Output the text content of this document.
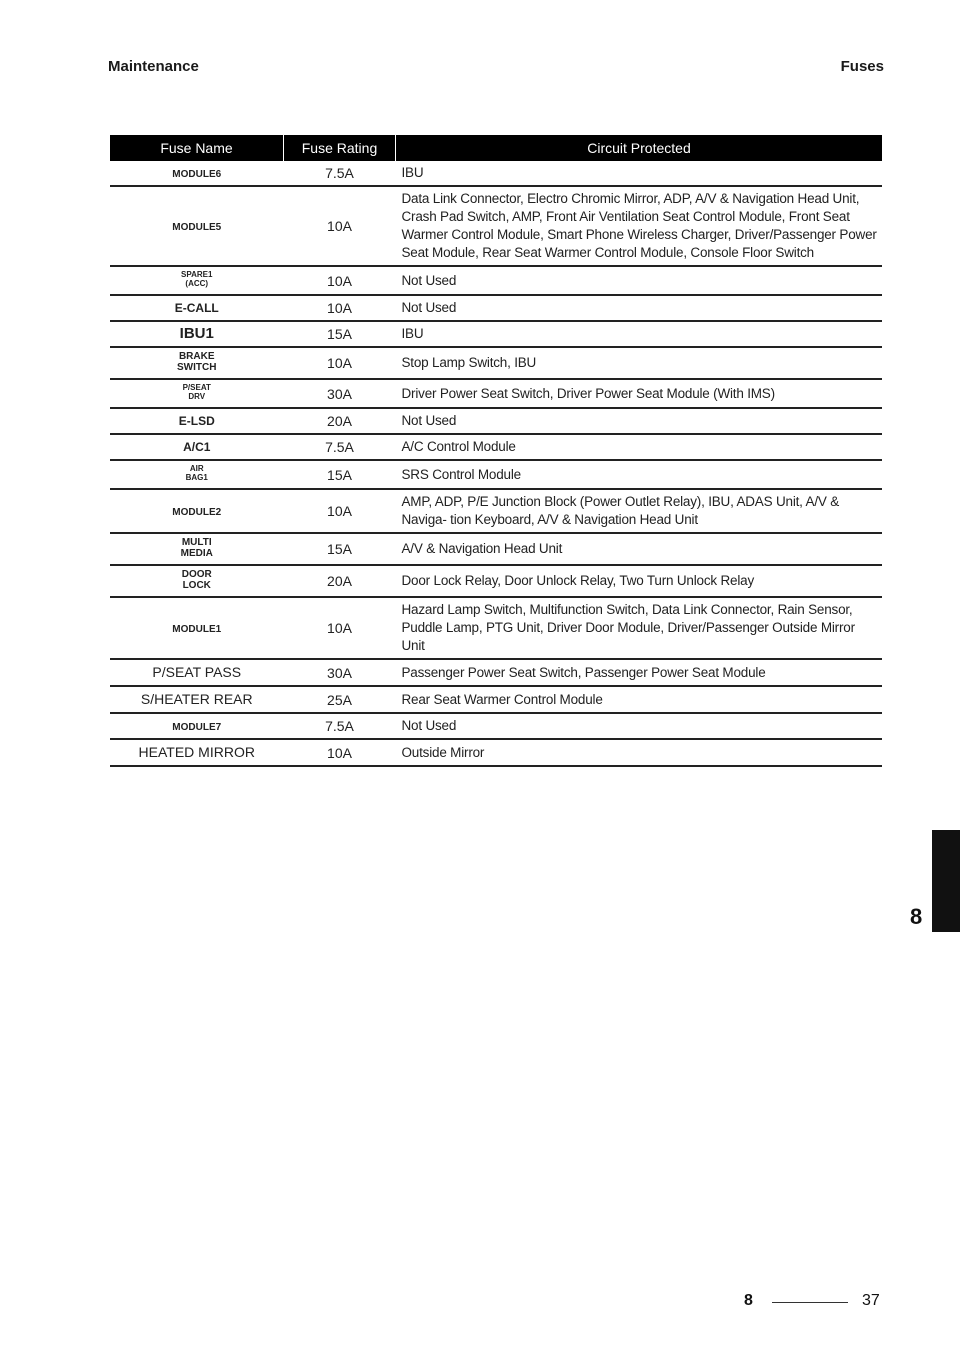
Maintenance	Fuses
Fuse Name	Fuse Rating	Circuit Protected
MODULE6	7.5A	IBU
MODULE5	10A	Data Link Connector, Electro Chromic Mirror, ADP, A/V & Navigation Head Unit, Crash Pad Switch, AMP, Front Air Ventilation Seat Control Module, Front Seat Warmer Control Module, Smart Phone Wireless Charger, Driver/Passenger Power Seat Module, Rear Seat Warmer Control Module, Console Floor Switch

SPARE1
(ACC)	10A	Not Used
E-CALL	10A	Not Used
IBU1	15A	IBU

BRAKE
SWITCH	10A	Stop Lamp Switch, IBU

P/SEAT
DRV	30A	Driver Power Seat Switch, Driver Power Seat Module (With IMS)
E-LSD	20A	Not Used
A/C1	7.5A	A/C Control Module

AIR
BAG1	15A	SRS Control Module
MODULE2	10A	AMP, ADP, P/E Junction Block (Power Outlet Relay), IBU, ADAS Unit, A/V & Naviga- tion Keyboard, A/V & Navigation Head Unit

MULTI
MEDIA	15A	A/V & Navigation Head Unit

DOOR
LOCK	20A	Door Lock Relay, Door Unlock Relay, Two Turn Unlock Relay
MODULE1	10A	Hazard Lamp Switch, Multifunction Switch, Data Link Connector, Rain Sensor, Puddle Lamp, PTG Unit, Driver Door Module, Driver/Passenger Outside Mirror Unit
P/SEAT PASS	30A	Passenger Power Seat Switch, Passenger Power Seat Module
S/HEATER REAR	25A	Rear Seat Warmer Control Module
MODULE7	7.5A	Not Used
HEATED MIRROR	10A	Outside Mirror
8
8	37
